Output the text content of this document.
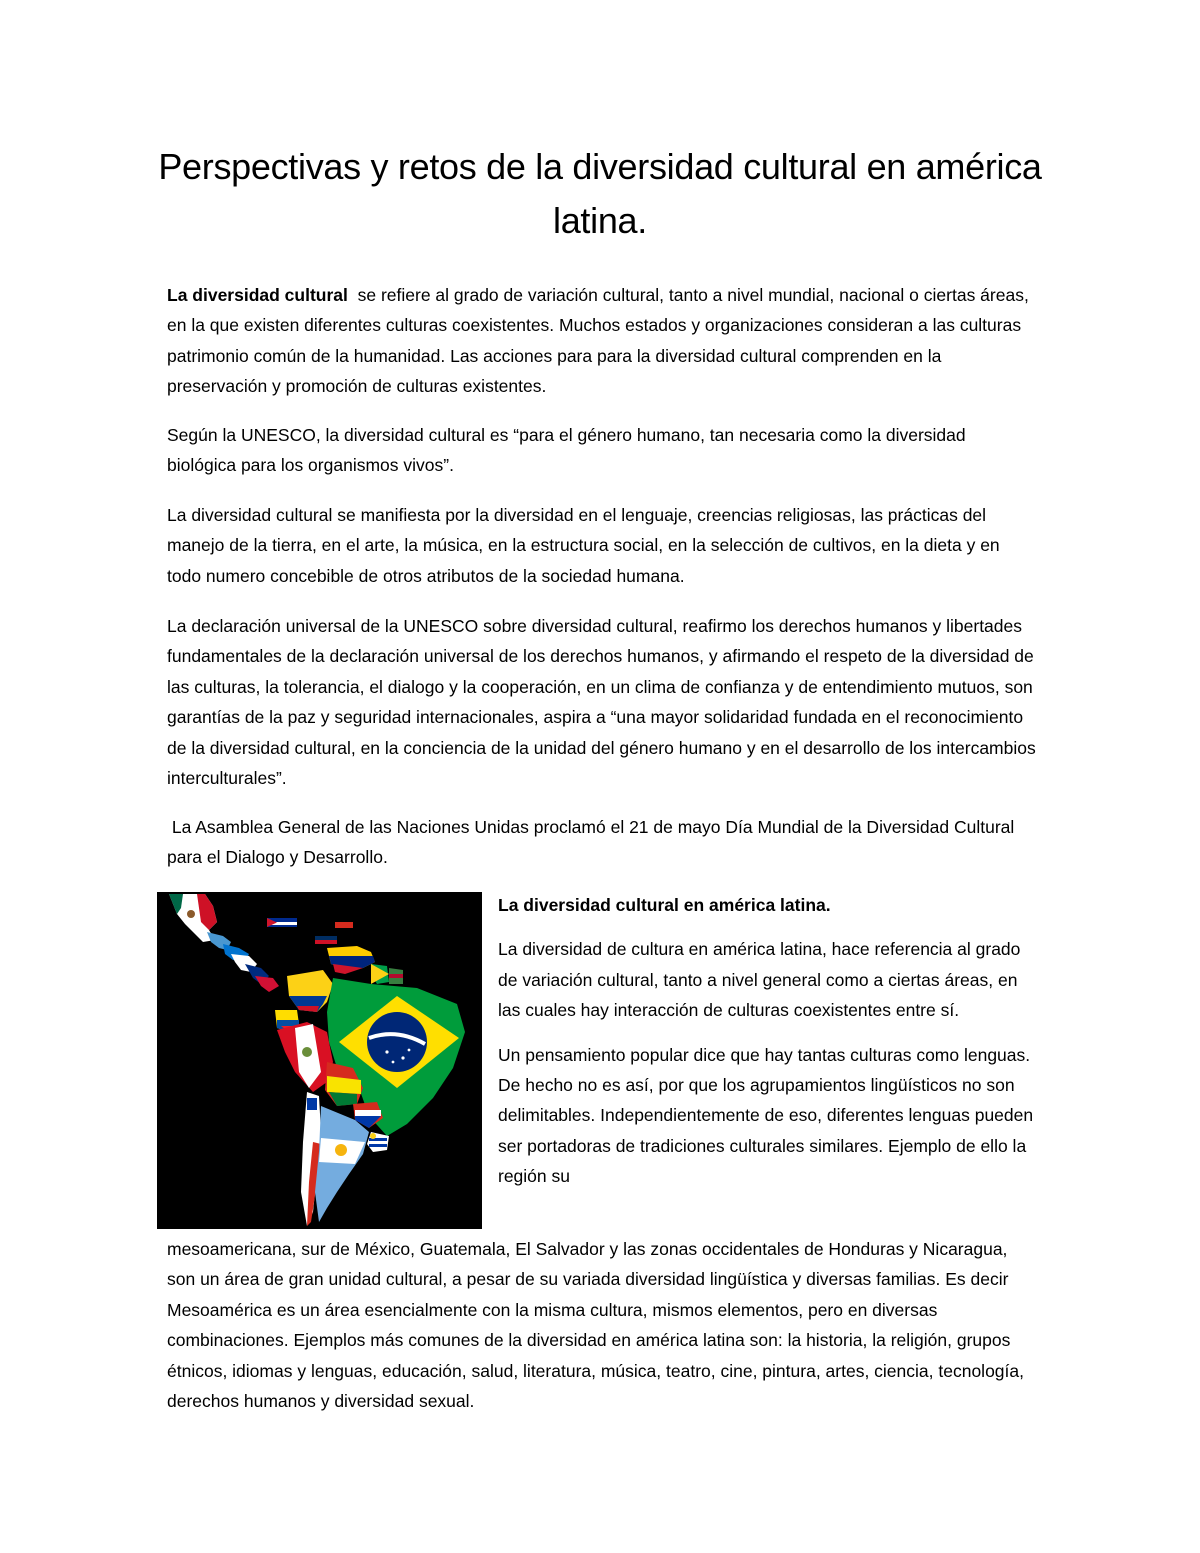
Perspectivas y retos de la diversidad cultural en américa latina.

La diversidad cultural  se refiere al grado de variación cultural, tanto a nivel mundial, nacional o ciertas áreas, en la que existen diferentes culturas coexistentes. Muchos estados y organizaciones consideran a las culturas patrimonio común de la humanidad. Las acciones para para la diversidad cultural comprenden en la preservación y promoción de culturas existentes.

Según la UNESCO, la diversidad cultural es “para el género humano, tan necesaria como la diversidad biológica para los organismos vivos”.

La diversidad cultural se manifiesta por la diversidad en el lenguaje, creencias religiosas, las prácticas del manejo de la tierra, en el arte, la música, en la estructura social, en la selección de cultivos, en la dieta y en todo numero concebible de otros atributos de la sociedad humana.

La declaración universal de la UNESCO sobre diversidad cultural, reafirmo los derechos humanos y libertades fundamentales de la declaración universal de los derechos humanos, y afirmando el respeto de la diversidad de las culturas, la tolerancia, el dialogo y la cooperación, en un clima de confianza y de entendimiento mutuos, son garantías de la paz y seguridad internacionales, aspira a “una mayor solidaridad fundada en el reconocimiento de la diversidad cultural, en la conciencia de la unidad del género humano y en el desarrollo de los intercambios interculturales”.

La Asamblea General de las Naciones Unidas proclamó el 21 de mayo Día Mundial de la Diversidad Cultural para el Dialogo y Desarrollo.

La diversidad cultural en américa latina.

La diversidad de cultura en américa latina, hace referencia al grado de variación cultural, tanto a nivel general como a ciertas áreas, en las cuales hay interacción de culturas coexistentes entre sí.

Un pensamiento popular dice que hay tantas culturas como lenguas. De hecho no es así, por que los agrupamientos lingüísticos no son delimitables. Independientemente de eso, diferentes lenguas pueden ser portadoras de tradiciones culturales similares. Ejemplo de ello la región su

mesoamericana, sur de México, Guatemala, El Salvador y las zonas occidentales de Honduras y Nicaragua, son un área de gran unidad cultural, a pesar de su variada diversidad lingüística y diversas familias. Es decir Mesoamérica es un área esencialmente con la misma cultura, mismos elementos, pero en diversas combinaciones. Ejemplos más comunes de la diversidad en américa latina son: la historia, la religión, grupos étnicos, idiomas y lenguas, educación, salud, literatura, música, teatro, cine, pintura, artes, ciencia, tecnología, derechos humanos y diversidad sexual.
